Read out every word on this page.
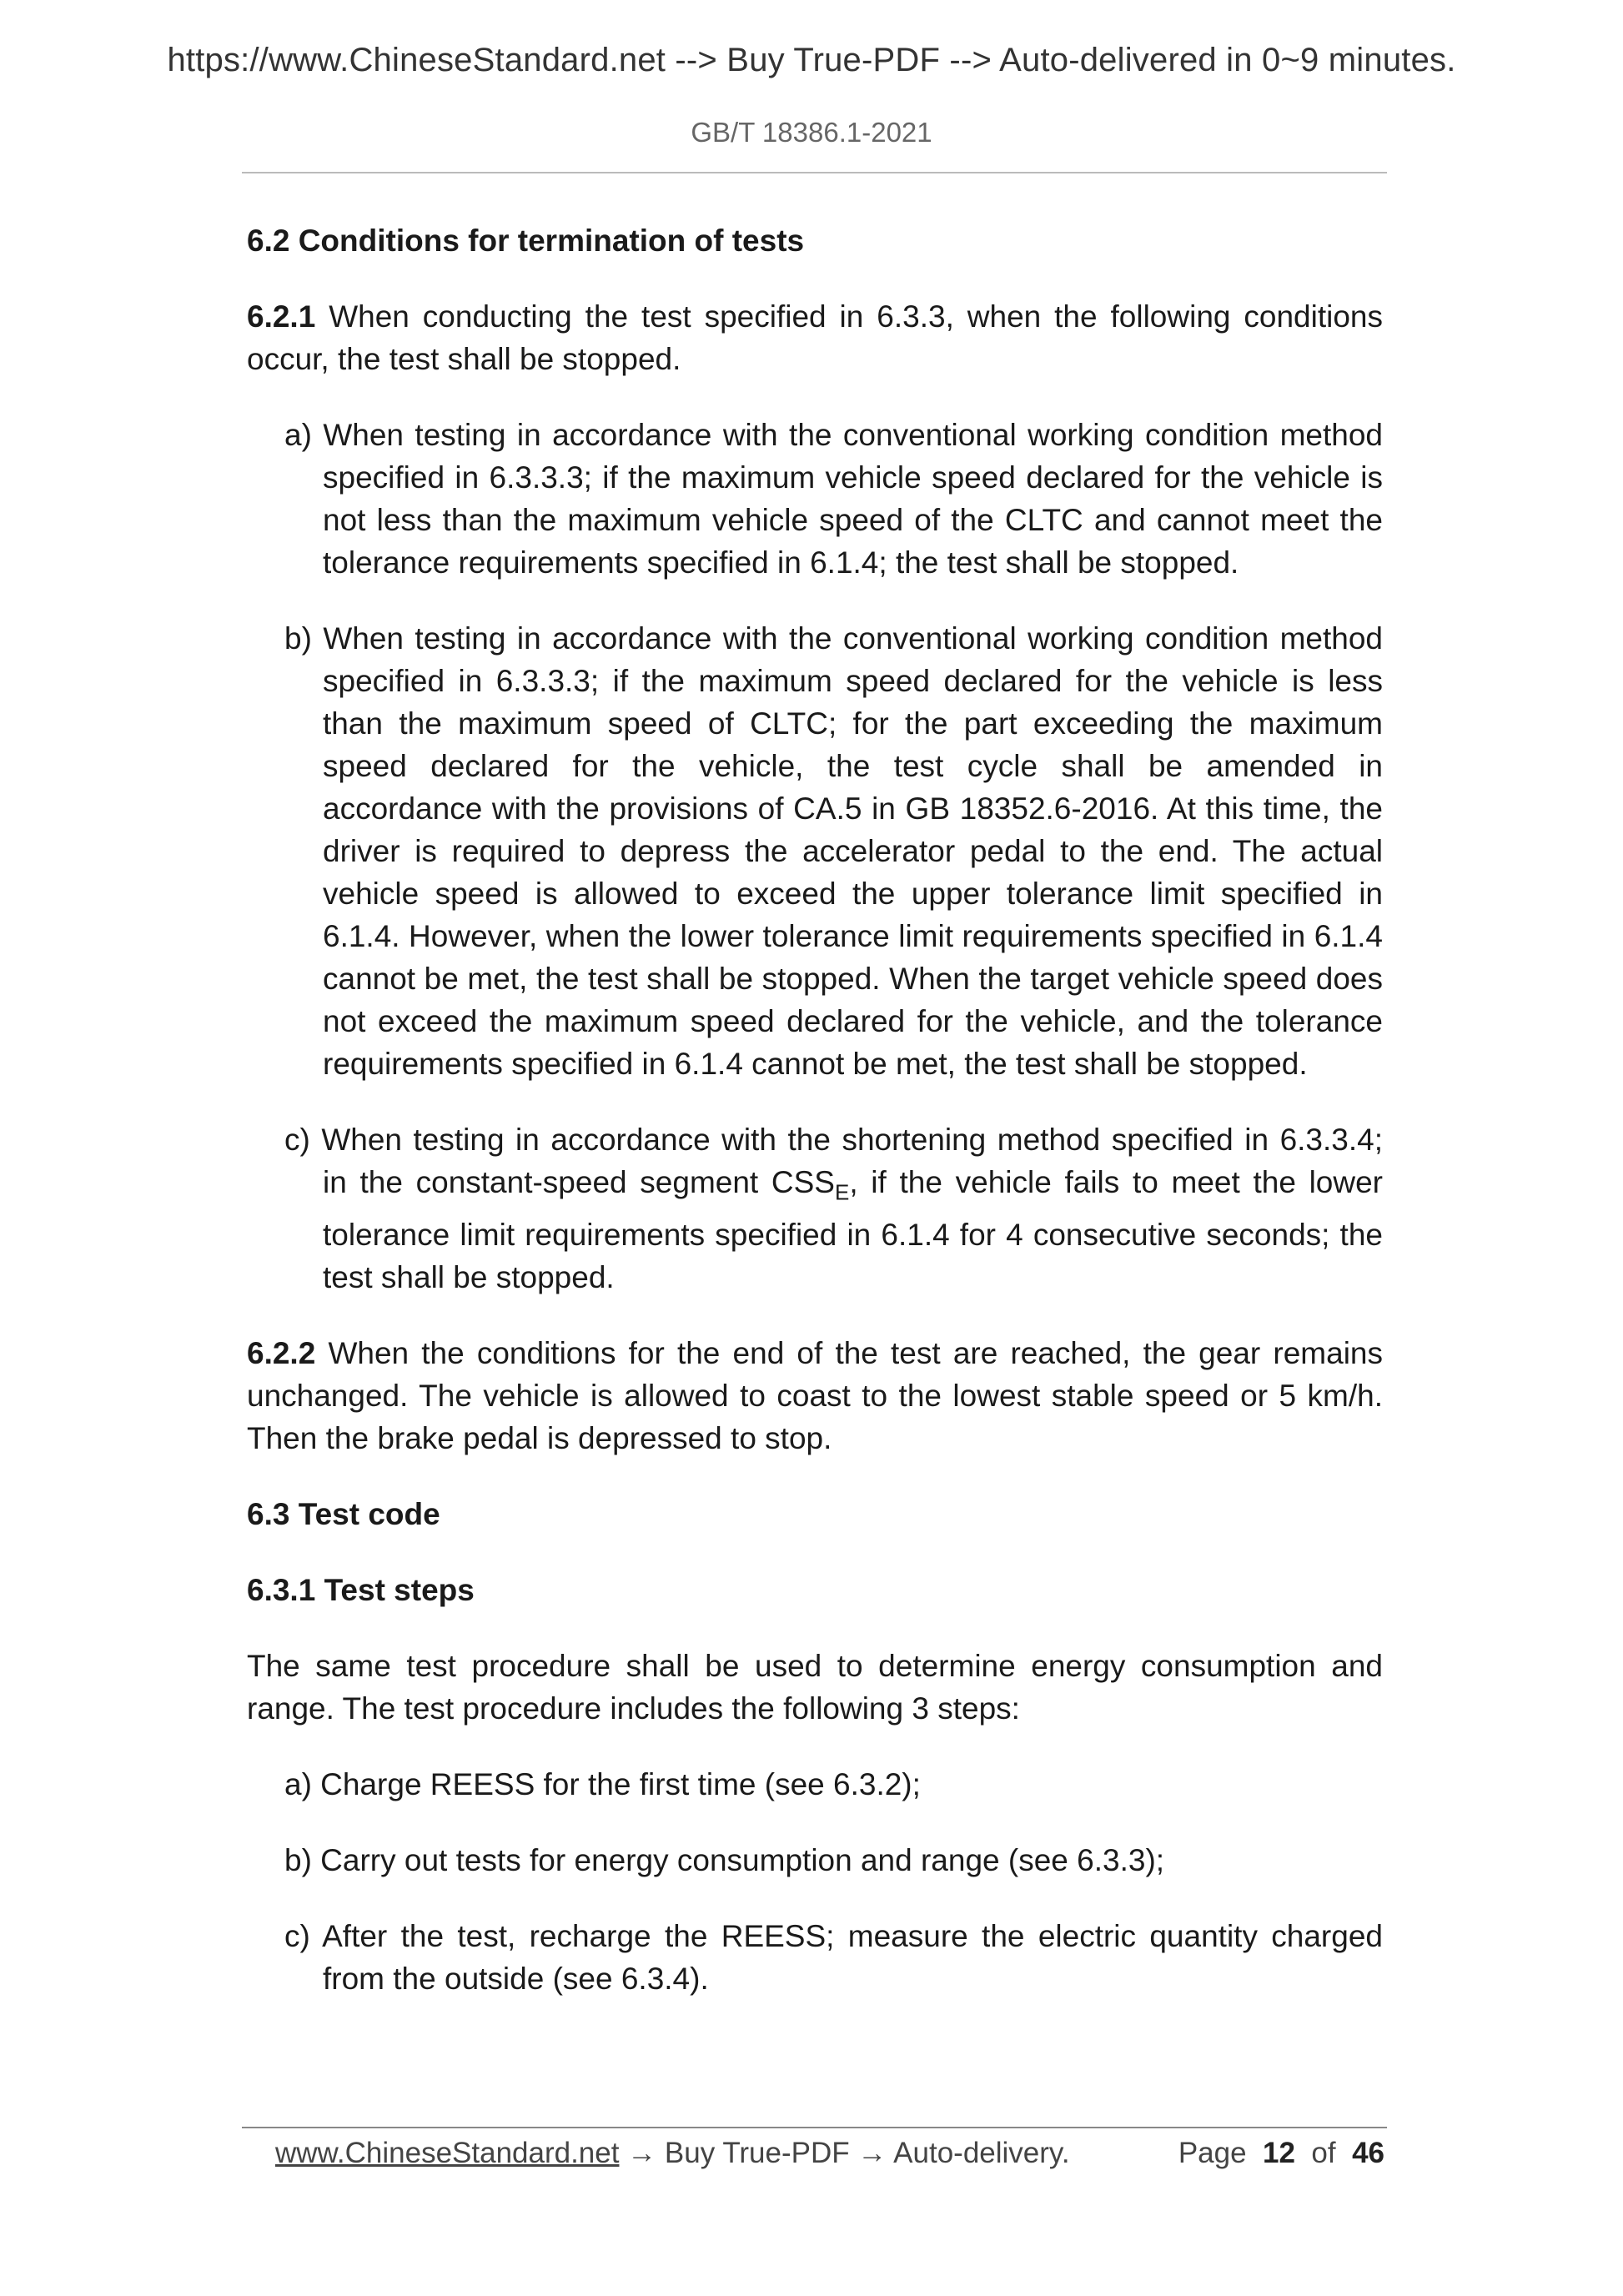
https://www.ChineseStandard.net --> Buy True-PDF --> Auto-delivered in 0~9 minutes.
GB/T 18386.1-2021

6.2 Conditions for termination of tests

6.2.1 When conducting the test specified in 6.3.3, when the following conditions occur, the test shall be stopped.

a) When testing in accordance with the conventional working condition method specified in 6.3.3.3; if the maximum vehicle speed declared for the vehicle is not less than the maximum vehicle speed of the CLTC and cannot meet the tolerance requirements specified in 6.1.4; the test shall be stopped.

b) When testing in accordance with the conventional working condition method specified in 6.3.3.3; if the maximum speed declared for the vehicle is less than the maximum speed of CLTC; for the part exceeding the maximum speed declared for the vehicle, the test cycle shall be amended in accordance with the provisions of CA.5 in GB 18352.6-2016. At this time, the driver is required to depress the accelerator pedal to the end. The actual vehicle speed is allowed to exceed the upper tolerance limit specified in 6.1.4. However, when the lower tolerance limit requirements specified in 6.1.4 cannot be met, the test shall be stopped. When the target vehicle speed does not exceed the maximum speed declared for the vehicle, and the tolerance requirements specified in 6.1.4 cannot be met, the test shall be stopped.

c) When testing in accordance with the shortening method specified in 6.3.3.4; in the constant-speed segment $CSS_E$, if the vehicle fails to meet the lower tolerance limit requirements specified in 6.1.4 for 4 consecutive seconds; the test shall be stopped.

6.2.2 When the conditions for the end of the test are reached, the gear remains unchanged. The vehicle is allowed to coast to the lowest stable speed or 5 km/h. Then the brake pedal is depressed to stop.

6.3 Test code

6.3.1 Test steps

The same test procedure shall be used to determine energy consumption and range. The test procedure includes the following 3 steps:

a) Charge REESS for the first time (see 6.3.2);

b) Carry out tests for energy consumption and range (see 6.3.3);

c) After the test, recharge the REESS; measure the electric quantity charged from the outside (see 6.3.4).

www.ChineseStandard.net → Buy True-PDF → Auto-delivery.	Page 12 of 46
